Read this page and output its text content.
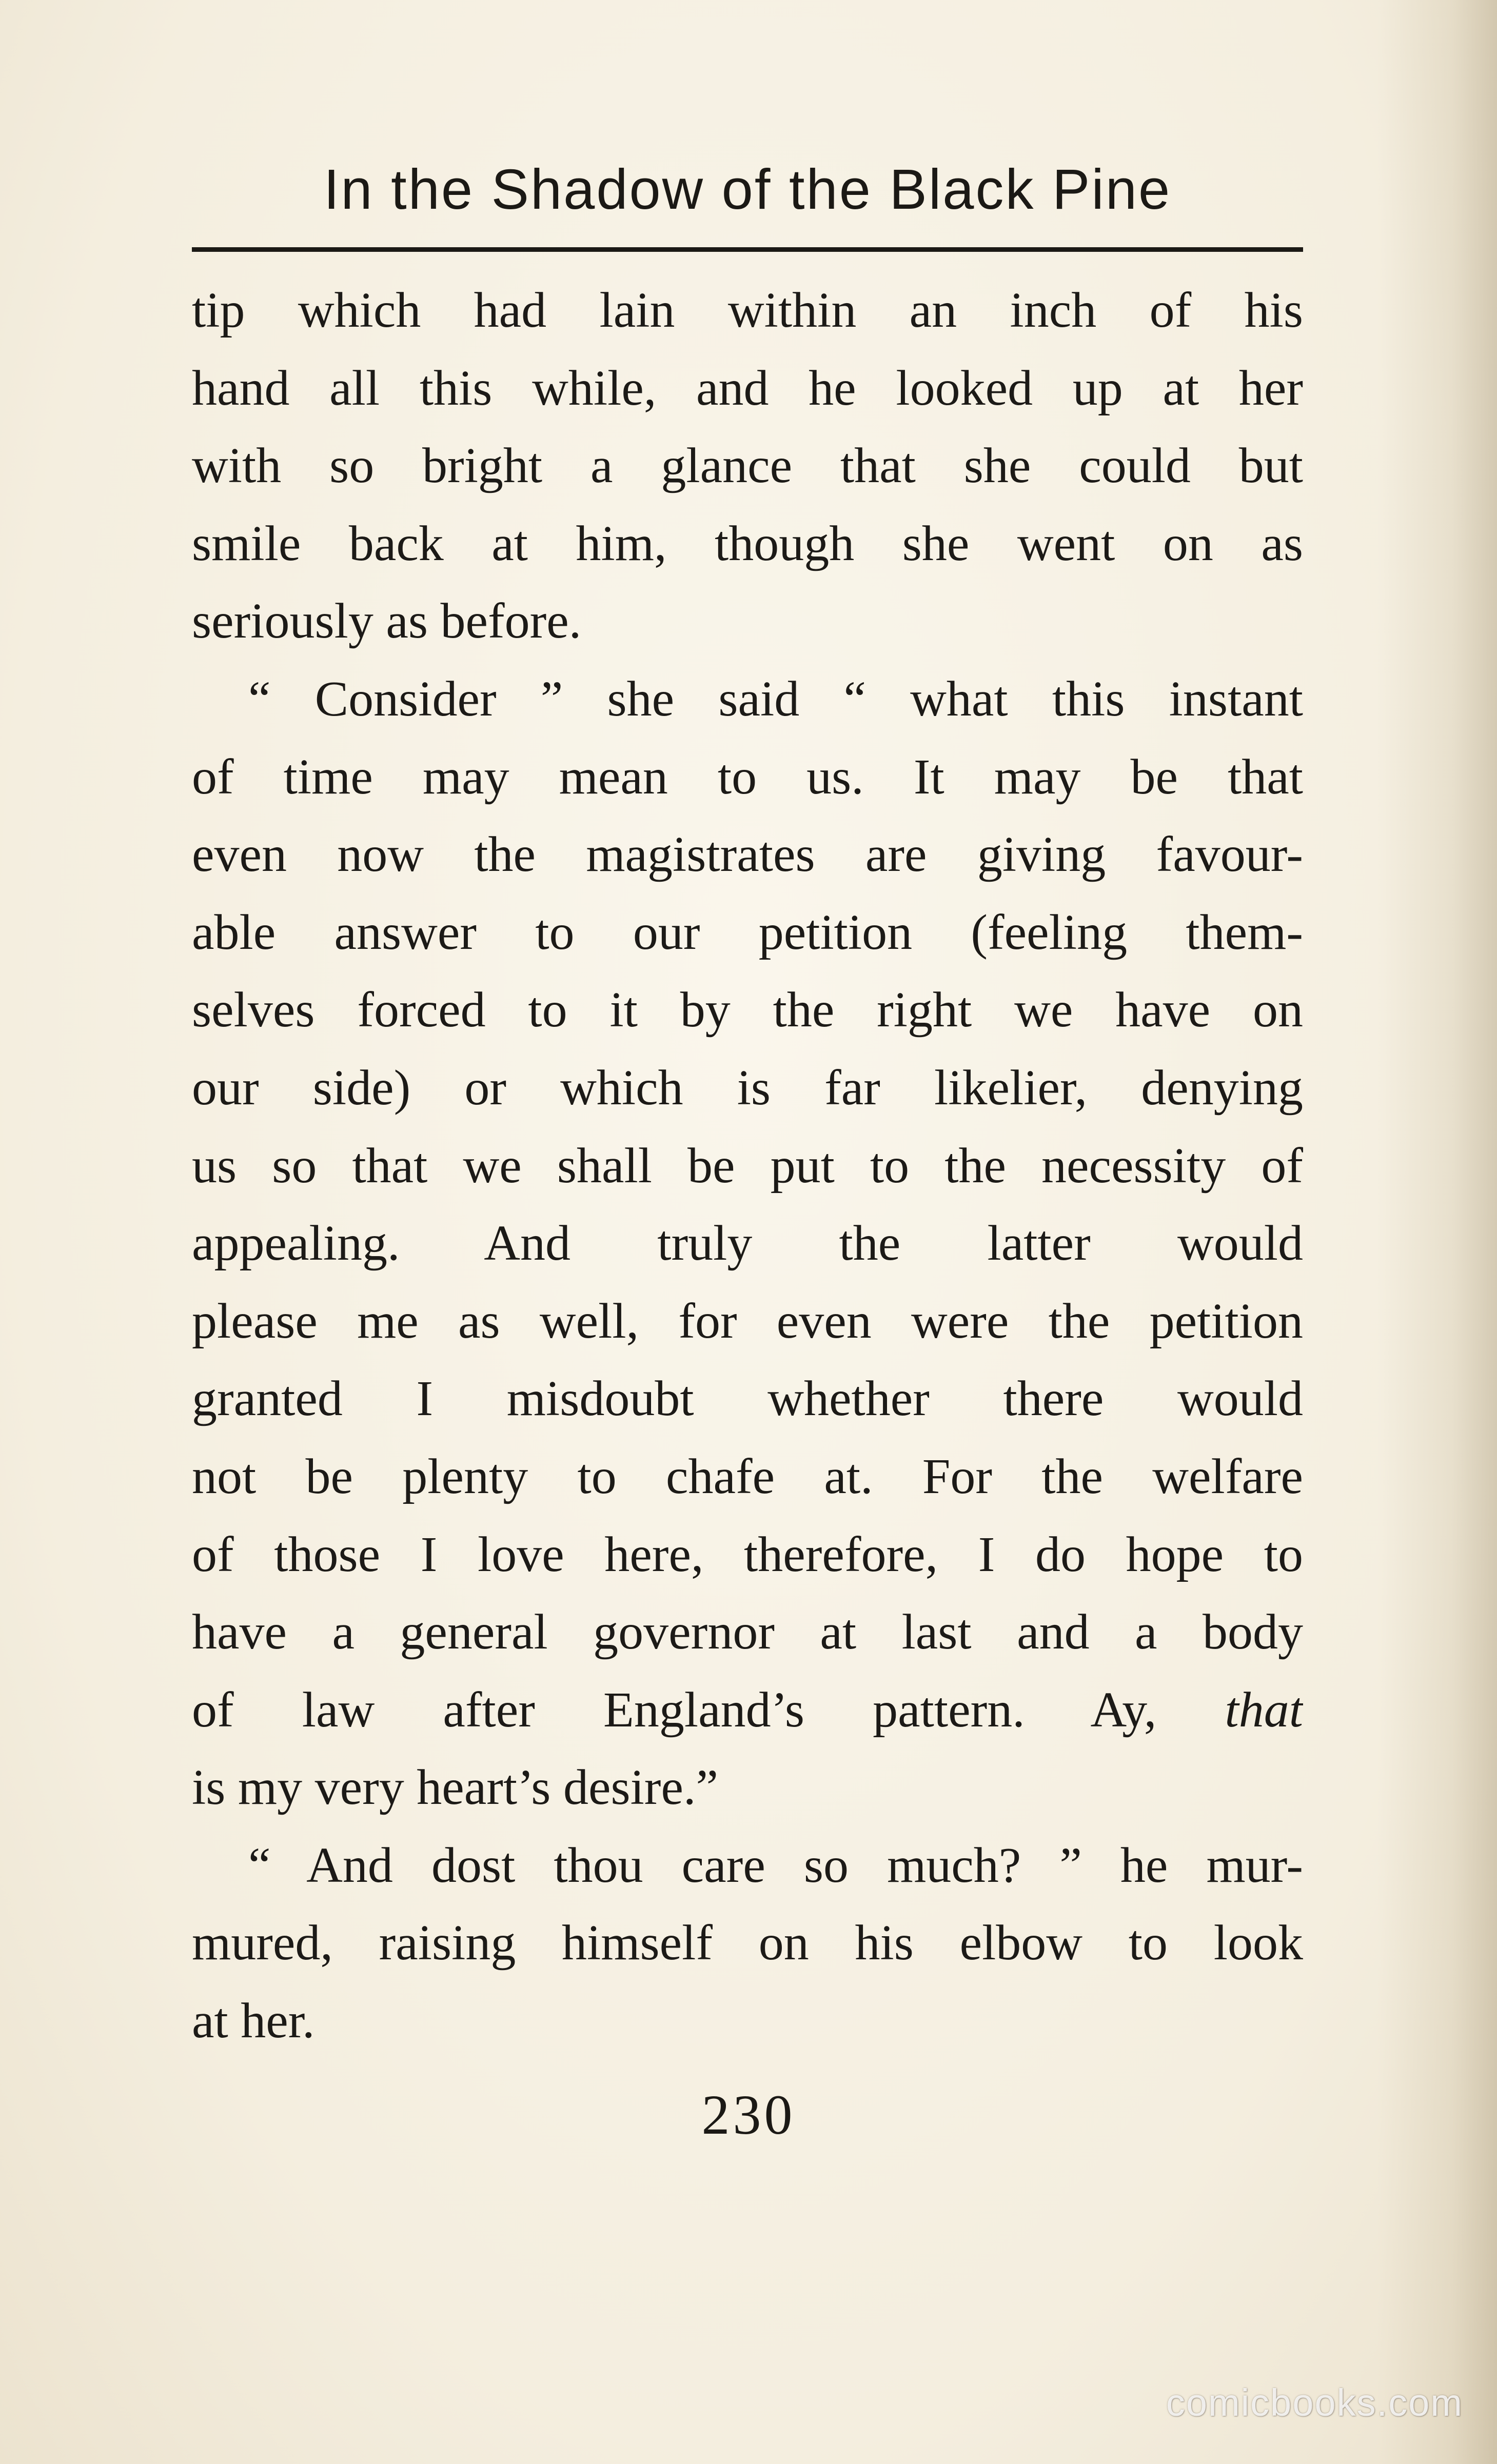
In the Shadow of the Black Pine
tip which had lain within an inch of his
hand all this while, and he looked up at her
with so bright a glance that she could but
smile back at him, though she went on as
seriously as before.
“ Consider ” she said “ what this instant
of time may mean to us. It may be that
even now the magistrates are giving favour-
able answer to our petition (feeling them-
selves forced to it by the right we have on
our side) or which is far likelier, denying
us so that we shall be put to the necessity of
appealing. And truly the latter would
please me as well, for even were the petition
granted I misdoubt whether there would
not be plenty to chafe at. For the welfare
of those I love here, therefore, I do hope to
have a general governor at last and a body
of law after England’s pattern. Ay, that
is my very heart’s desire.”
“ And dost thou care so much? ” he mur-
mured, raising himself on his elbow to look
at her.
230
comicbooks.com
